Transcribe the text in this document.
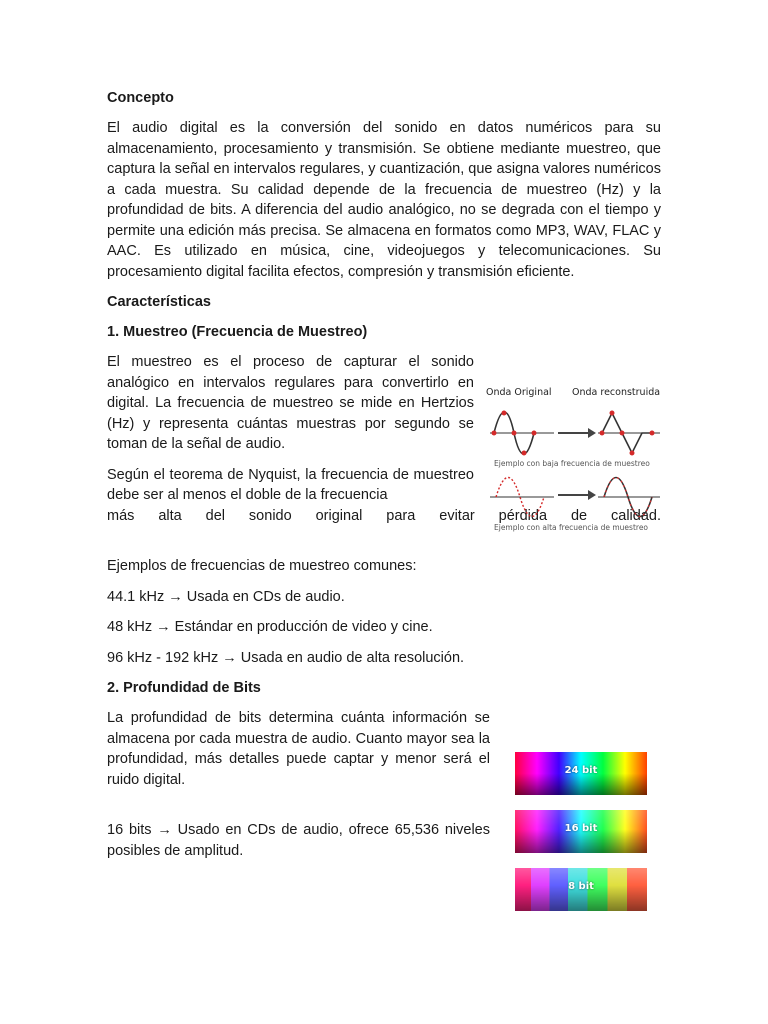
Concepto

El audio digital es la conversión del sonido en datos numéricos para su almacenamiento, procesamiento y transmisión. Se obtiene mediante muestreo, que captura la señal en intervalos regulares, y cuantización, que asigna valores numéricos a cada muestra. Su calidad depende de la frecuencia de muestreo (Hz) y la profundidad de bits. A diferencia del audio analógico, no se degrada con el tiempo y permite una edición más precisa. Se almacena en formatos como MP3, WAV, FLAC y AAC. Es utilizado en música, cine, videojuegos y telecomunicaciones. Su procesamiento digital facilita efectos, compresión y transmisión eficiente.

Características

1. Muestreo (Frecuencia de Muestreo)

El muestreo es el proceso de capturar el sonido analógico en intervalos regulares para convertirlo en digital. La frecuencia de muestreo se mide en Hertzios (Hz) y representa cuántas muestras por segundo se toman de la señal de audio.

Según el teorema de Nyquist, la frecuencia de muestreo debe ser al menos el doble de la frecuencia

más alta del sonido original para evitar pérdida de calidad.

Ejemplos de frecuencias de muestreo comunes:

44.1 kHz → Usada en CDs de audio.

48 kHz → Estándar en producción de video y cine.

96 kHz - 192 kHz → Usada en audio de alta resolución.

2. Profundidad de Bits

La profundidad de bits determina cuánta información se almacena por cada muestra de audio. Cuanto mayor sea la profundidad, más detalles puede captar y menor será el ruido digital.

16 bits → Usado en CDs de audio, ofrece 65,536 niveles posibles de amplitud.

Onda Original Onda reconstruida
Ejemplo con baja frecuencia de muestreo
Ejemplo con alta frecuencia de muestreo
24 bit
16 bit
8 bit
